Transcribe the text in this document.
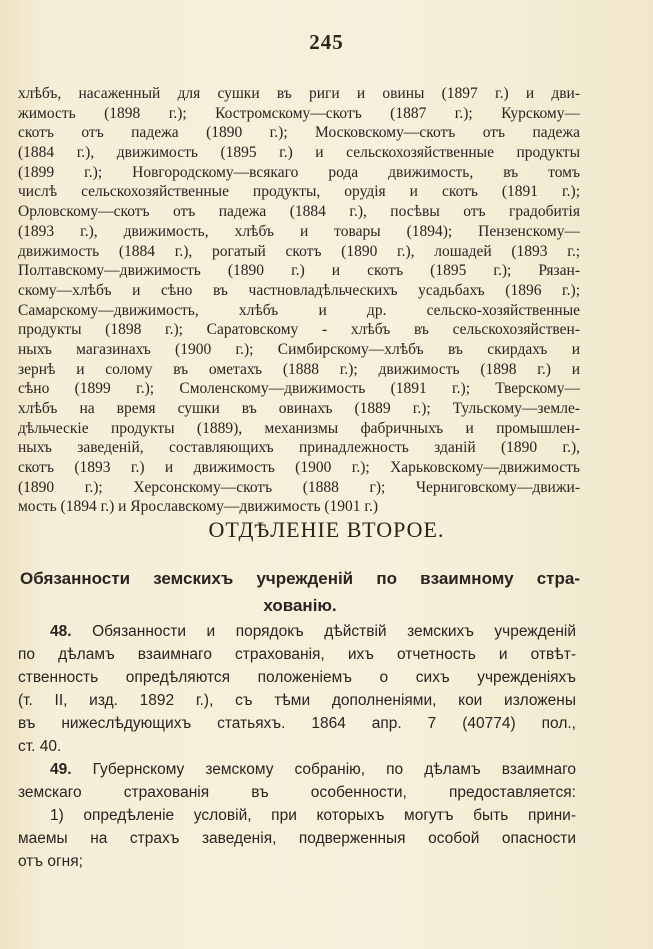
245
хлѣбъ, насаженный для сушки въ риги и овины (1897 г.) и дви-
жимость (1898 г.); Костромскому—скотъ (1887 г.); Курскому—
скотъ отъ падежа (1890 г.); Московскому—скотъ отъ падежа
(1884 г.), движимость (1895 г.) и сельскохозяйственные продукты
(1899 г.); Новгородскому—всякаго рода движимость, въ томъ
числѣ сельскохозяйственные продукты, орудія и скотъ (1891 г.);
Орловскому—скотъ отъ падежа (1884 г.), посѣвы отъ градобитія
(1893 г.), движимость, хлѣбъ и товары (1894); Пензенскому—
движимость (1884 г.), рогатый скотъ (1890 г.), лошадей (1893 г.;
Полтавскому—движимость (1890 г.) и скотъ (1895 г.); Рязан-
скому—хлѣбъ и сѣно въ частновладѣльческихъ усадьбахъ (1896 г.);
Самарскому—движимость, хлѣбъ и др. сельско-хозяйственные
продукты (1898 г.); Саратовскому - хлѣбъ въ сельскохозяйствен-
ныхъ магазинахъ (1900 г.); Симбирскому—хлѣбъ въ скирдахъ и
зернѣ и солому въ ометахъ (1888 г.); движимость (1898 г.) и
сѣно (1899 г.); Смоленскому—движимость (1891 г.); Тверскому—
хлѣбъ на время сушки въ овинахъ (1889 г.); Тульскому—земле-
дѣльческіе продукты (1889), механизмы фабричныхъ и промышлен-
ныхъ заведеній, составляющихъ принадлежность зданій (1890 г.),
скотъ (1893 г.) и движимость (1900 г.); Харьковскому—движимость
(1890 г.); Херсонскому—скотъ (1888 г); Черниговскому—движи-
мость (1894 г.) и Ярославскому—движимость (1901 г.)
ОТДѢЛЕНІЕ ВТОРОЕ.
Обязанности земскихъ учрежденій по взаимному стра-
хованію.
48. Обязанности и порядокъ дѣйствій земскихъ учрежденій
по дѣламъ взаимнаго страхованія, ихъ отчетность и отвѣт-
ственность опредѣляются положеніемъ о сихъ учрежденіяхъ
(т. II, изд. 1892 г.), съ тѣми дополненіями, кои изложены
въ нижеслѣдующихъ статьяхъ. 1864 апр. 7 (40774) пол.,
ст. 40.
49. Губернскому земскому собранію, по дѣламъ взаимнаго
земскаго страхованія въ особенности, предоставляется:
1) опредѣленіе условій, при которыхъ могутъ быть прини-
маемы на страхъ заведенія, подверженныя особой опасности
отъ огня;
